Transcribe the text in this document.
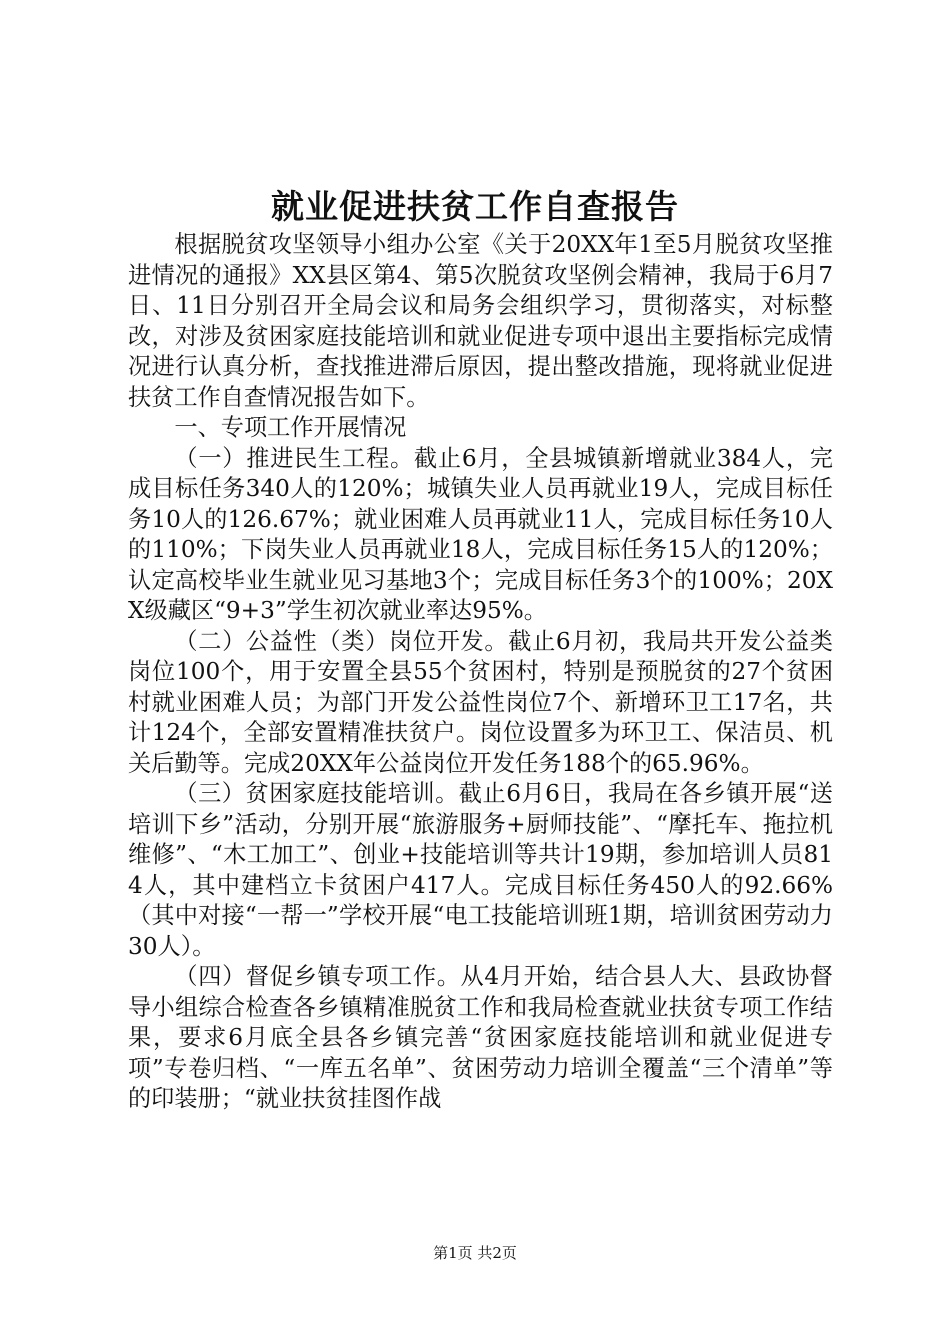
就业促进扶贫工作自查报告

根据脱贫攻坚领导小组办公室《关于20XX年1至5月脱贫攻坚推进情况的通报》XX县区第4、第5次脱贫攻坚例会精神，我局于6月7日、11日分别召开全局会议和局务会组织学习，贯彻落实，对标整改，对涉及贫困家庭技能培训和就业促进专项中退出主要指标完成情况进行认真分析，查找推进滞后原因，提出整改措施，现将就业促进扶贫工作自查情况报告如下。

一、专项工作开展情况

（一）推进民生工程。截止6月，全县城镇新增就业384人，完成目标任务340人的120%；城镇失业人员再就业19人，完成目标任务10人的126.67%；就业困难人员再就业11人，完成目标任务10人的110%；下岗失业人员再就业18人，完成目标任务15人的120%；认定高校毕业生就业见习基地3个；完成目标任务3个的100%；20XX级藏区“9+3”学生初次就业率达95%。

（二）公益性（类）岗位开发。截止6月初，我局共开发公益类岗位100个，用于安置全县55个贫困村，特别是预脱贫的27个贫困村就业困难人员；为部门开发公益性岗位7个、新增环卫工17名，共计124个，全部安置精准扶贫户。岗位设置多为环卫工、保洁员、机关后勤等。完成20XX年公益岗位开发任务188个的65.96%。

（三）贫困家庭技能培训。截止6月6日，我局在各乡镇开展“送培训下乡”活动，分别开展“旅游服务+厨师技能”、“摩托车、拖拉机维修”、“木工加工”、创业+技能培训等共计19期，参加培训人员814人，其中建档立卡贫困户417人。完成目标任务450人的92.66%（其中对接“一帮一”学校开展“电工技能培训班1期，培训贫困劳动力30人）。

（四）督促乡镇专项工作。从4月开始，结合县人大、县政协督导小组综合检查各乡镇精准脱贫工作和我局检查就业扶贫专项工作结果，要求6月底全县各乡镇完善“贫困家庭技能培训和就业促进专项”专卷归档、“一库五名单”、贫困劳动力培训全覆盖“三个清单”等的印装册；“就业扶贫挂图作战

第1页 共2页
